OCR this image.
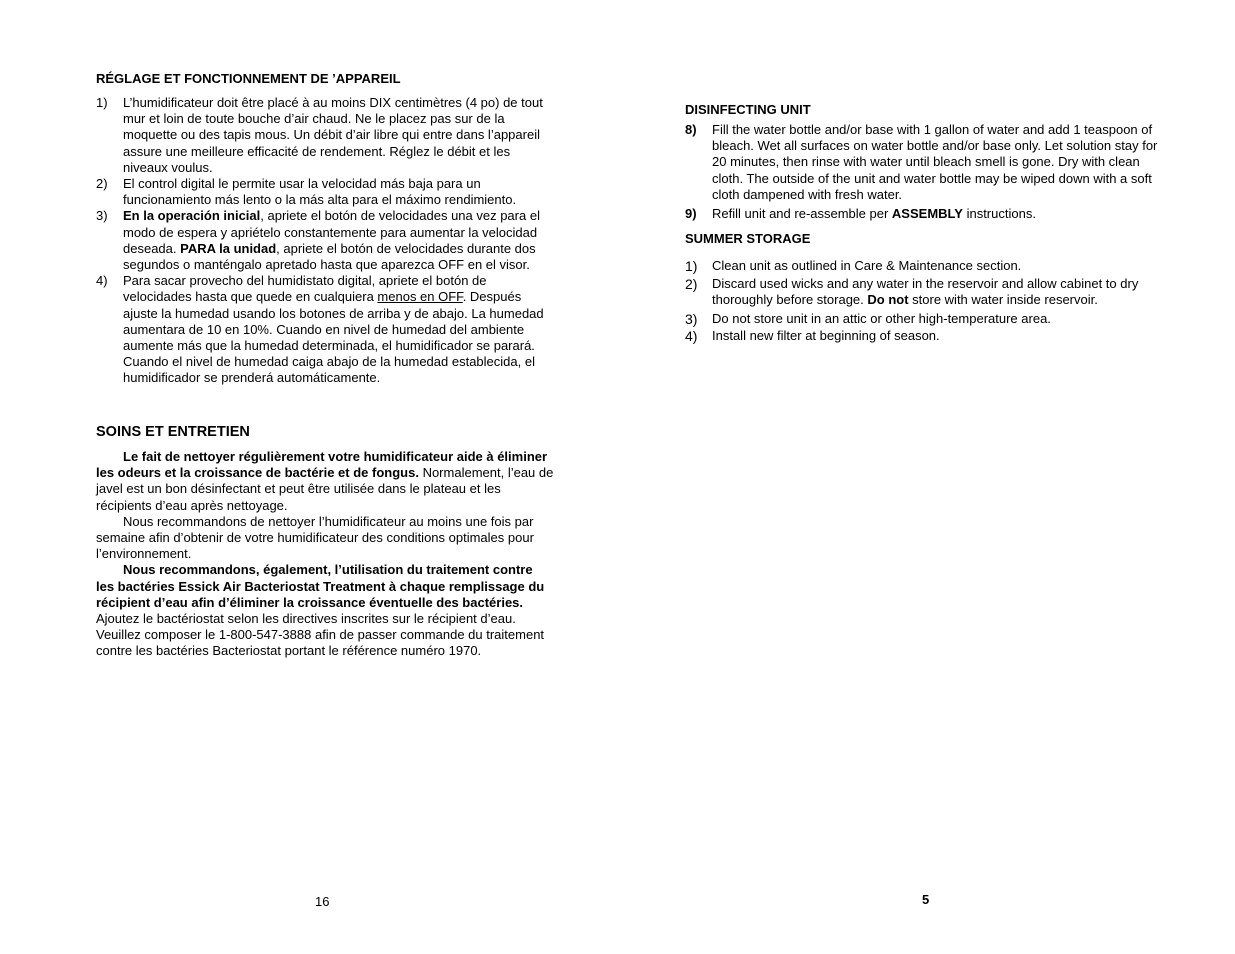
RÉGLAGE ET FONCTIONNEMENT DE ’APPAREIL
1) L’humidificateur doit être placé à au moins DIX centimètres (4 po) de tout mur et loin de toute bouche d’air chaud. Ne le placez pas sur de la moquette ou des tapis mous. Un débit d’air libre qui entre dans l’appareil assure une meilleure efficacité de rendement. Réglez le débit et les niveaux voulus.
2) El control digital le permite usar la velocidad más baja para un funcionamiento más lento o la más alta para el máximo rendimiento.
3) En la operación inicial, apriete el botón de velocidades una vez para el modo de espera y apriételo constantemente para aumentar la velocidad deseada. PARA la unidad, apriete el botón de velocidades durante dos segundos o manténgalo apretado hasta que aparezca OFF en el visor.
4) Para sacar provecho del humidistato digital, apriete el botón de velocidades hasta que quede en cualquiera menos en OFF. Después ajuste la humedad usando los botones de arriba y de abajo. La humedad aumentara de 10 en 10%. Cuando en nivel de humedad del ambiente aumente más que la humedad determinada, el humidificador se parará. Cuando el nivel de humedad caiga abajo de la humedad establecida, el humidificador se prenderá automáticamente.
SOINS ET ENTRETIEN

Le fait de nettoyer régulièrement votre humidificateur aide à éliminer les odeurs et la croissance de bactérie et de fongus. Normalement, l’eau de javel est un bon désinfectant et peut être utilisée dans le plateau et les récipients d’eau après nettoyage.

Nous recommandons de nettoyer l’humidificateur au moins une fois par semaine afin d’obtenir de votre humidificateur des conditions optimales pour l’environnement.

Nous recommandons, également, l’utilisation du traitement contre les bactéries Essick Air Bacteriostat Treatment à chaque remplissage du récipient d’eau afin d’éliminer la croissance éventuelle des bactéries. Ajoutez le bactériostat selon les directives inscrites sur le récipient d’eau. Veuillez composer le 1-800-547-3888 afin de passer commande du traitement contre les bactéries Bacteriostat portant le référence numéro 1970.

16
DISINFECTING UNIT
8) Fill the water bottle and/or base with 1 gallon of water and add 1 teaspoon of bleach. Wet all surfaces on water bottle and/or base only. Let solution stay for 20 minutes, then rinse with water until bleach smell is gone. Dry with clean cloth. The outside of the unit and water bottle may be wiped down with a soft cloth dampened with fresh water.
9) Refill unit and re-assemble per ASSEMBLY instructions.
SUMMER STORAGE
1) Clean unit as outlined in Care & Maintenance section.
2) Discard used wicks and any water in the reservoir and allow cabinet to dry thoroughly before storage. Do not store with water inside reservoir.
3) Do not store unit in an attic or other high-temperature area.
4) Install new filter at beginning of season.
5
